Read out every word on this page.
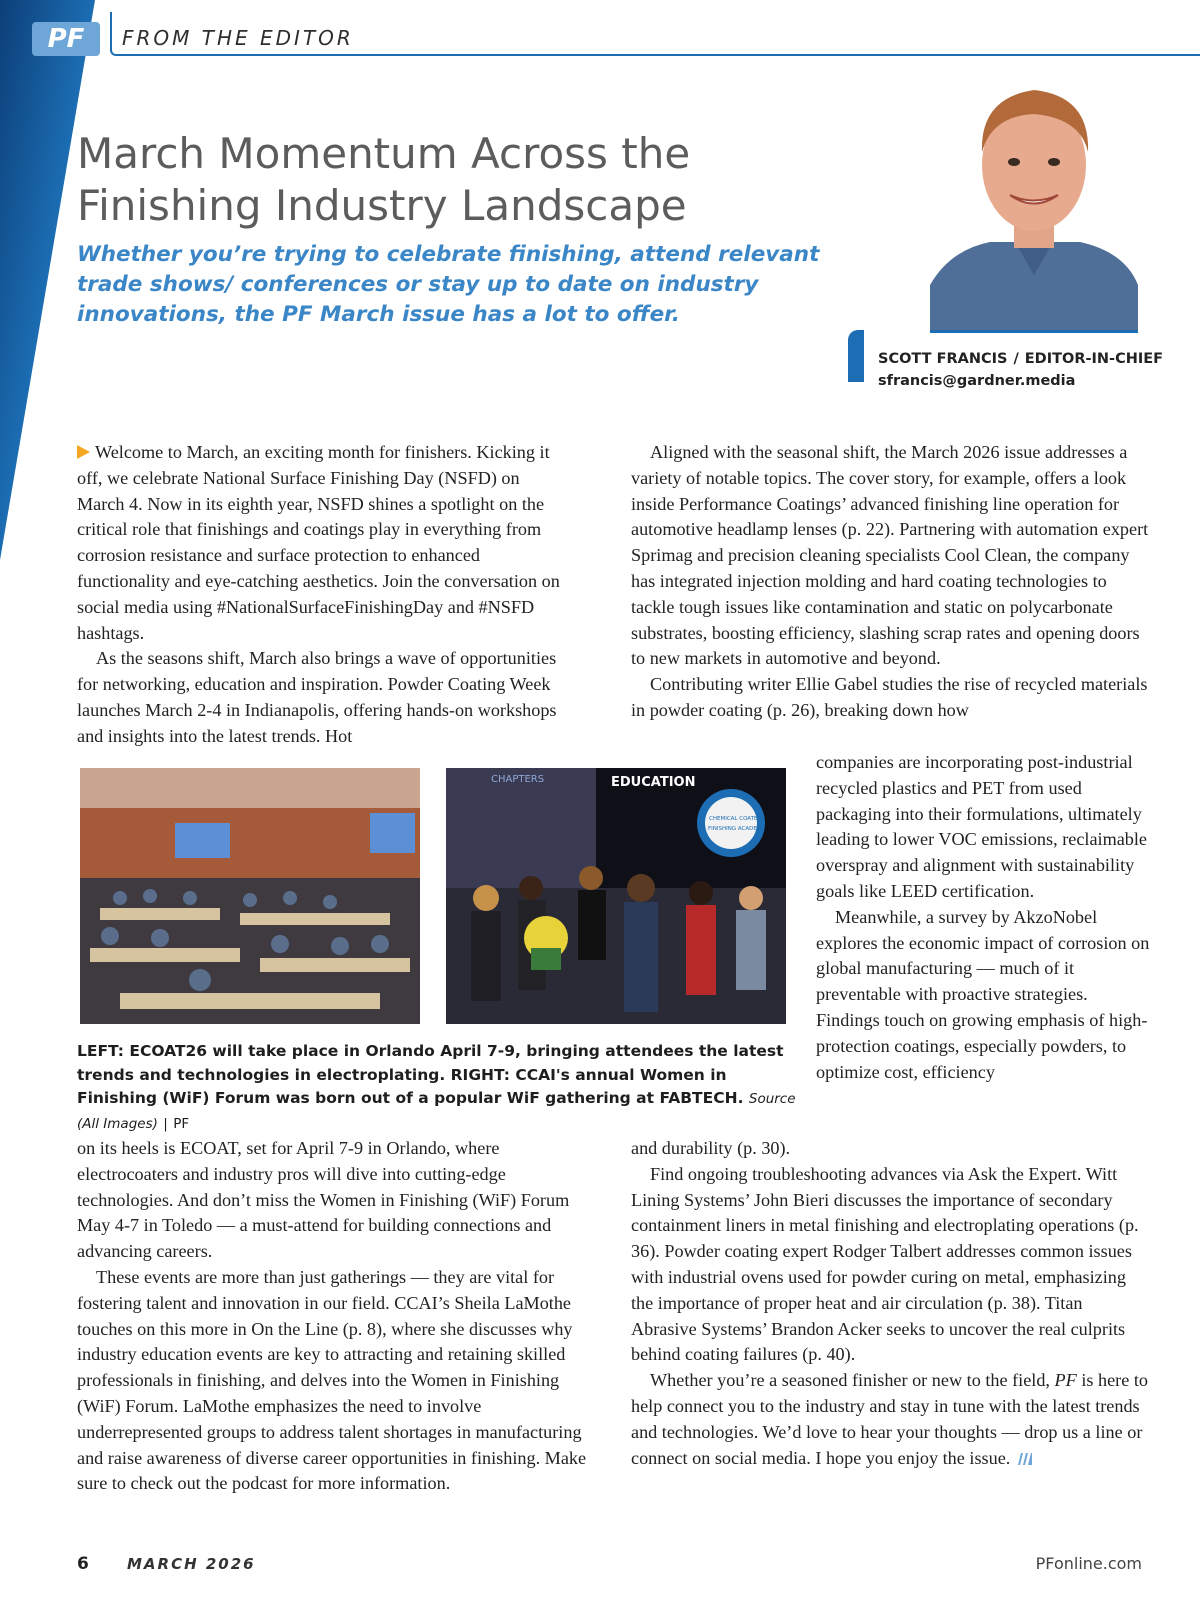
PF	FROM THE EDITOR
March Momentum Across the Finishing Industry Landscape

Whether you’re trying to celebrate finishing, attend relevant trade shows/ conferences or stay up to date on industry innovations, the PF March issue has a lot to offer.

SCOTT FRANCIS / EDITOR-IN-CHIEF
sfrancis@gardner.media

Welcome to March, an exciting month for finishers. Kicking it off, we celebrate National Surface Finishing Day (NSFD) on March 4. Now in its eighth year, NSFD shines a spotlight on the critical role that finishings and coatings play in everything from corrosion resistance and surface protection to enhanced functionality and eye-catching aesthetics. Join the conversation on social media using #NationalSurfaceFinishingDay and #NSFD hashtags.

As the seasons shift, March also brings a wave of opportunities for networking, education and inspiration. Powder Coating Week launches March 2-4 in Indianapolis, offering hands-on workshops and insights into the latest trends. Hot

CHAPTERS	EDUCATION
CHEMICAL COATERS
FINISHING ACADEMY
LEFT: ECOAT26 will take place in Orlando April 7-9, bringing attendees the latest trends and technologies in electroplating. RIGHT: CCAI's annual Women in Finishing (WiF) Forum was born out of a popular WiF gathering at FABTECH. Source (All Images) | PF

on its heels is ECOAT, set for April 7-9 in Orlando, where electrocoaters and industry pros will dive into cutting-edge technologies. And don’t miss the Women in Finishing (WiF) Forum May 4-7 in Toledo — a must-attend for building connections and advancing careers.

These events are more than just gatherings — they are vital for fostering talent and innovation in our field. CCAI’s Sheila LaMothe touches on this more in On the Line (p. 8), where she discusses why industry education events are key to attracting and retaining skilled professionals in finishing, and delves into the Women in Finishing (WiF) Forum. LaMothe emphasizes the need to involve underrepresented groups to address talent shortages in manufacturing and raise awareness of diverse career opportunities in finishing. Make sure to check out the podcast for more information.

Aligned with the seasonal shift, the March 2026 issue addresses a variety of notable topics. The cover story, for example, offers a look inside Performance Coatings’ advanced finishing line operation for automotive headlamp lenses (p. 22). Partnering with automation expert Sprimag and precision cleaning specialists Cool Clean, the company has integrated injection molding and hard coating technologies to tackle tough issues like contamination and static on polycarbonate substrates, boosting efficiency, slashing scrap rates and opening doors to new markets in automotive and beyond.

Contributing writer Ellie Gabel studies the rise of recycled materials in powder coating (p. 26), breaking down how

companies are incorporating post-industrial recycled plastics and PET from used packaging into their formulations, ultimately leading to lower VOC emissions, reclaimable overspray and alignment with sustainability goals like LEED certification.

Meanwhile, a survey by AkzoNobel explores the economic impact of corrosion on global manufacturing — much of it preventable with proactive strategies. Findings touch on growing emphasis of high-protection coatings, especially powders, to optimize cost, efficiency

and durability (p. 30).

Find ongoing troubleshooting advances via Ask the Expert. Witt Lining Systems’ John Bieri discusses the importance of secondary containment liners in metal finishing and electroplating operations (p. 36). Powder coating expert Rodger Talbert addresses common issues with industrial ovens used for powder curing on metal, emphasizing the importance of proper heat and air circulation (p. 38). Titan Abrasive Systems’ Brandon Acker seeks to uncover the real culprits behind coating failures (p. 40).

Whether you’re a seasoned finisher or new to the field, PF is here to help connect you to the industry and stay in tune with the latest trends and technologies. We’d love to hear your thoughts — drop us a line or connect on social media. I hope you enjoy the issue.

6	MARCH 2026	PFonline.com
